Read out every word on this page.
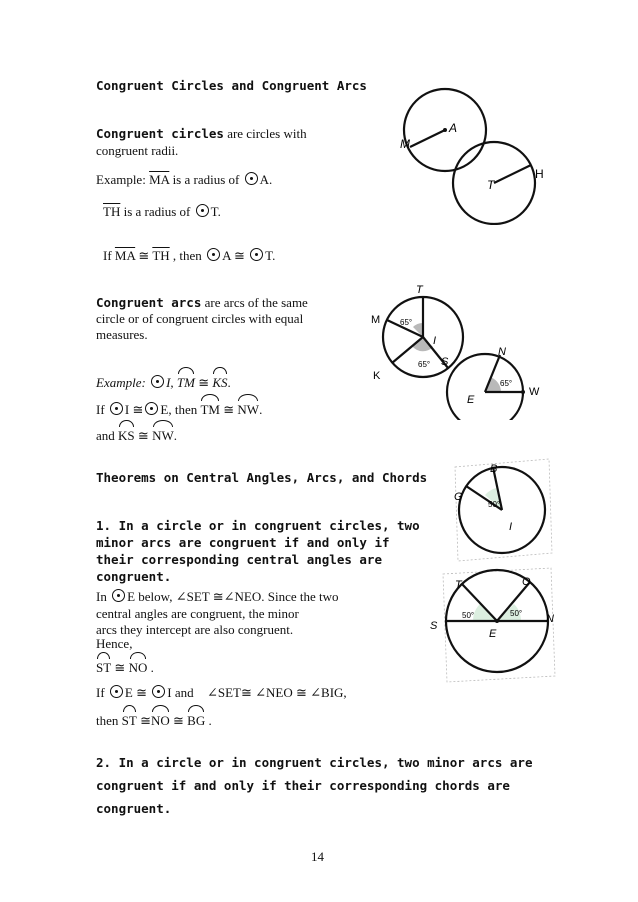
Congruent Circles and Congruent Arcs
Congruent circles are circles with
congruent radii.
Example: $\overline{MA}$ is a radius of A.
$\overline{TH}$ is a radius of T.
If $\overline{MA}$ ≅ $\overline{TH}$ , then A ≅ T.
A
M
T
H
Congruent arcs are arcs of the same
circle or of congruent circles with equal
measures.
Example: I, TM ≅ KS.
If I ≅ E, then TM ≅ NW.
and KS ≅ NW.
T
M
I
S
K
65°
65°
N
E
W
65°
Theorems on Central Angles, Arcs, and Chords
1. In a circle or in congruent circles, two
minor arcs are congruent if and only if
their corresponding central angles are
congruent.
In E below, ∠SET ≅∠NEO. Since the two
central angles are congruent, the minor
arcs they intercept are also congruent.
Hence,
ST ≅ NO .
If E ≅ I and ⃞∠SET≅ ∠NEO ≅ ∠BIG,
then ST ≅NO ≅ BG .
B
G
I
50°
T	O
S
N
E
50°	50°
2. In a circle or in congruent circles, two minor arcs are
congruent if and only if their corresponding chords are
congruent.
14
